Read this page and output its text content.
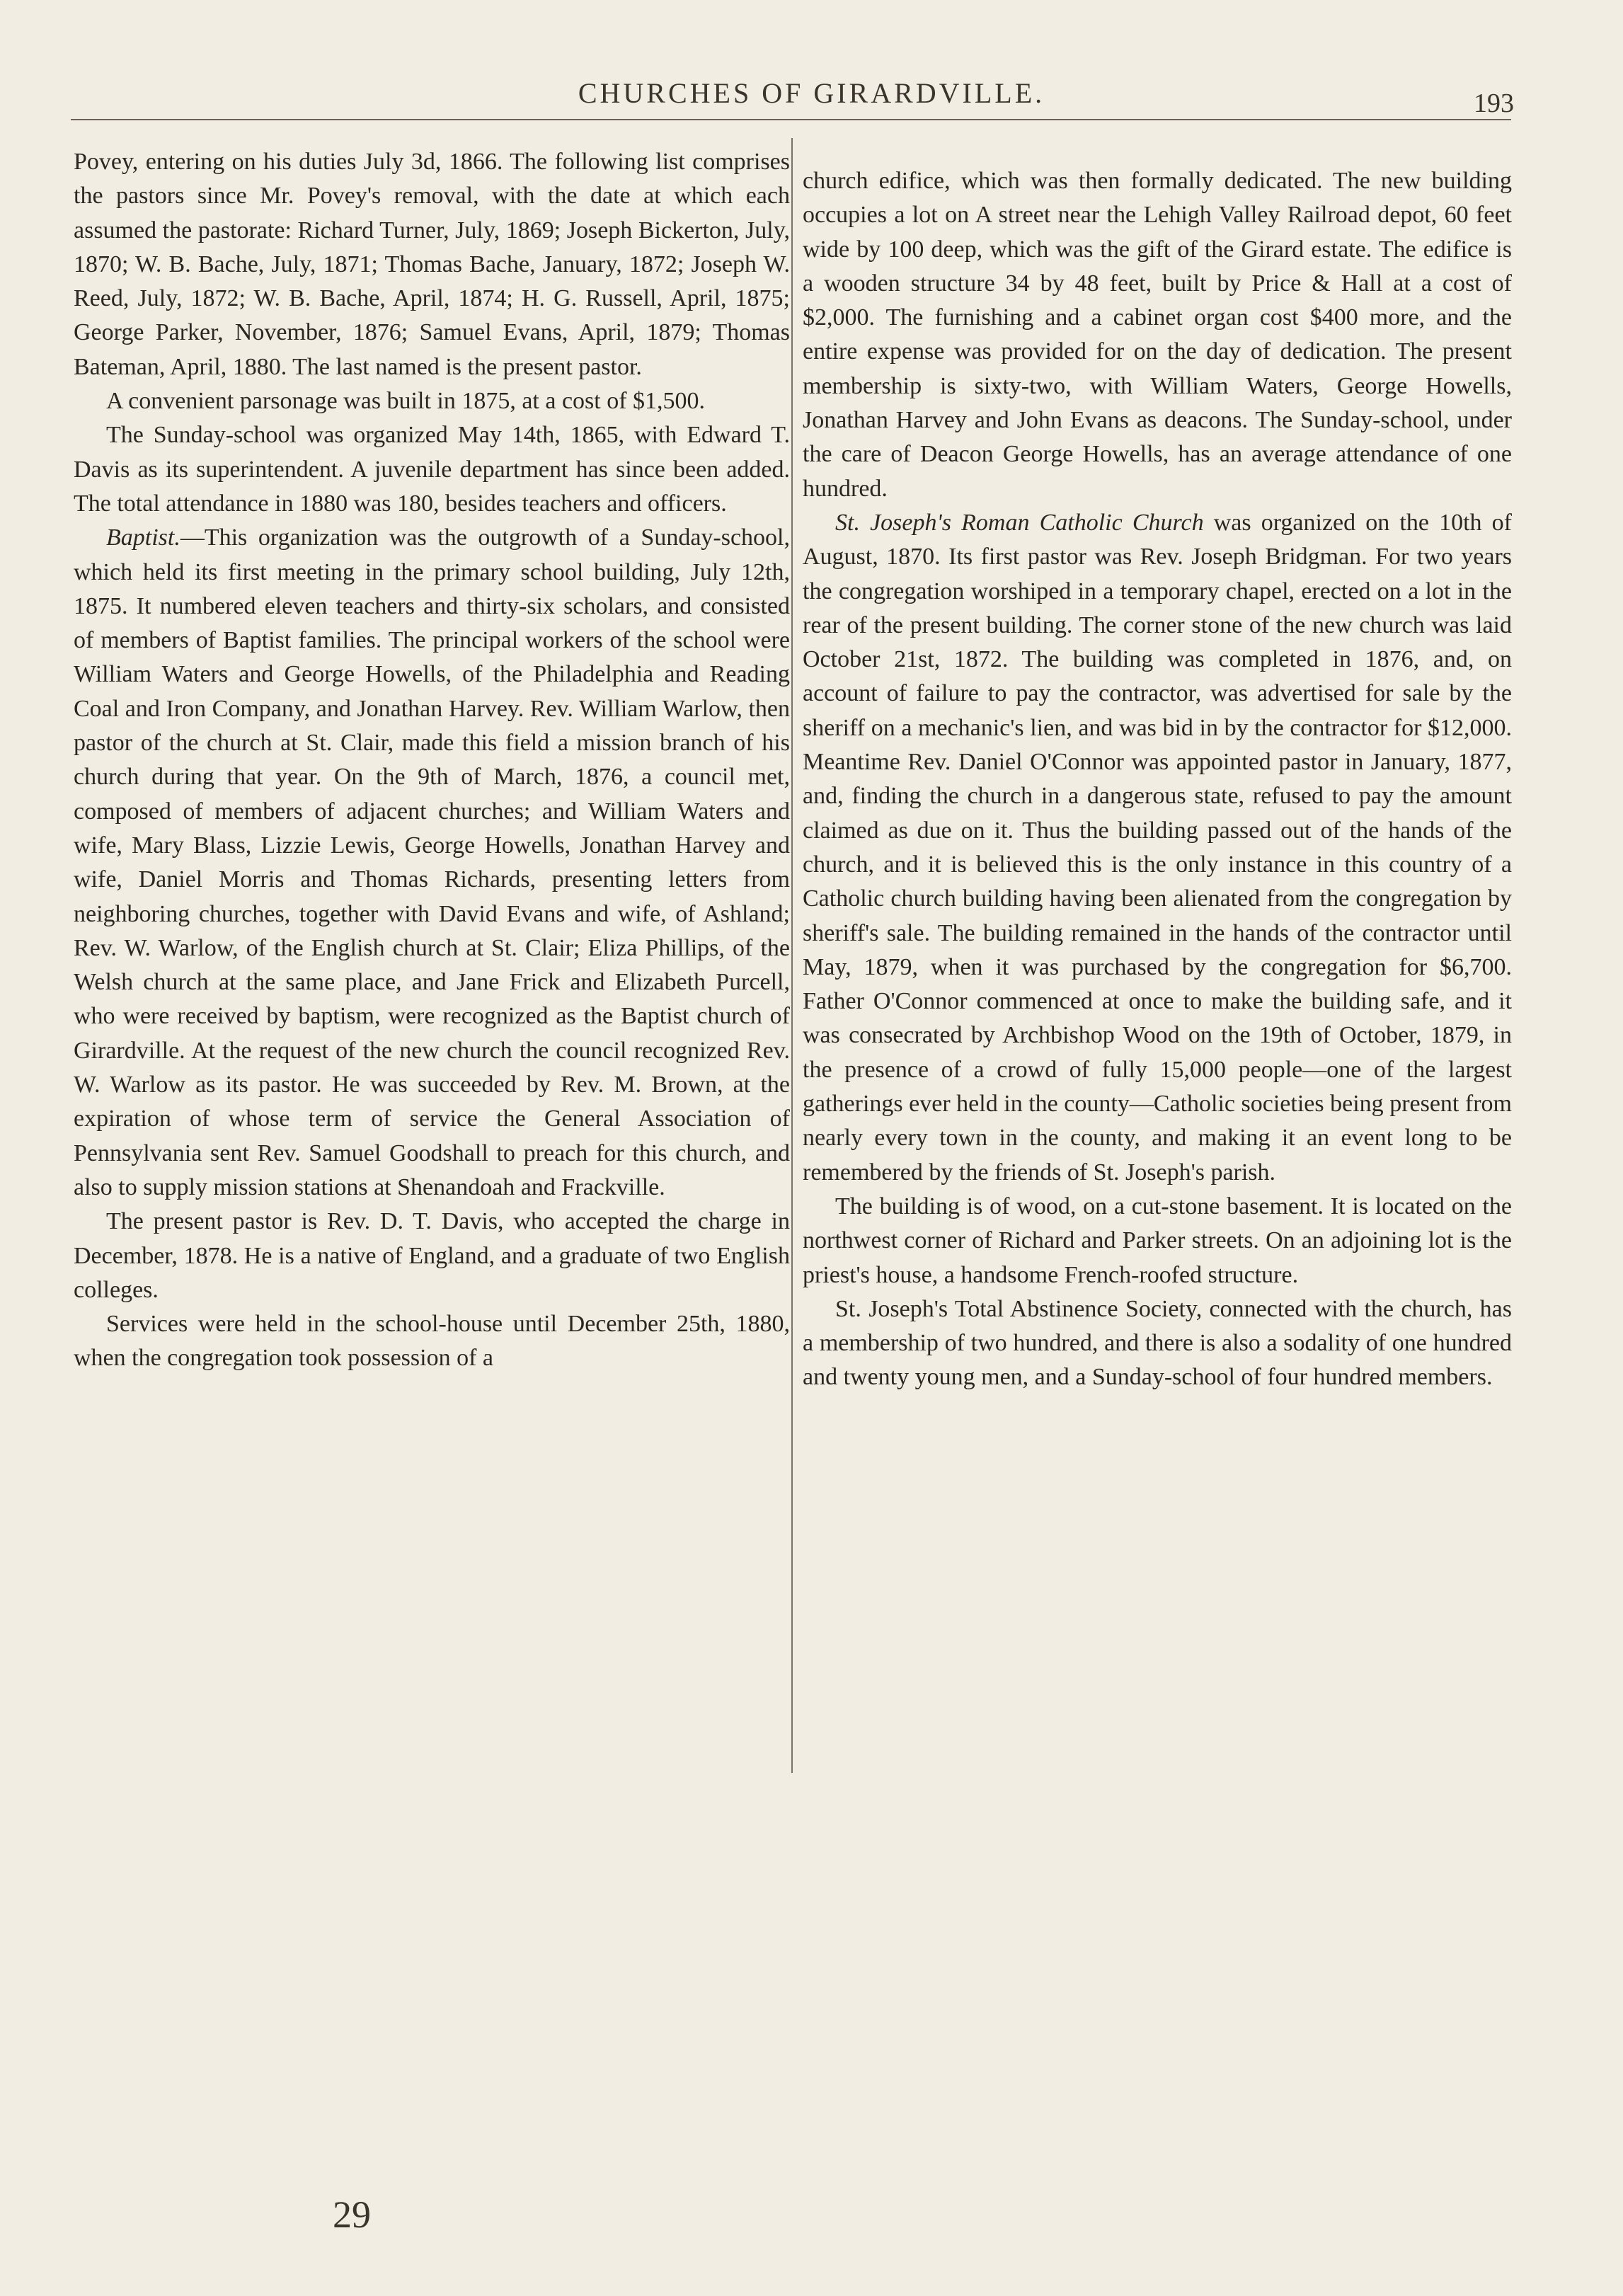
CHURCHES OF GIRARDVILLE.	193

Povey, entering on his duties July 3d, 1866. The following list comprises the pastors since Mr. Povey's removal, with the date at which each assumed the pastorate: Richard Turner, July, 1869; Joseph Bickerton, July, 1870; W. B. Bache, July, 1871; Thomas Bache, January, 1872; Joseph W. Reed, July, 1872; W. B. Bache, April, 1874; H. G. Russell, April, 1875; George Parker, November, 1876; Samuel Evans, April, 1879; Thomas Bateman, April, 1880. The last named is the present pastor.

A convenient parsonage was built in 1875, at a cost of $1,500.

The Sunday-school was organized May 14th, 1865, with Edward T. Davis as its superintendent. A juvenile department has since been added. The total attendance in 1880 was 180, besides teachers and officers.

Baptist.—This organization was the outgrowth of a Sunday-school, which held its first meeting in the primary school building, July 12th, 1875. It numbered eleven teachers and thirty-six scholars, and consisted of members of Baptist families. The principal workers of the school were William Waters and George Howells, of the Philadelphia and Reading Coal and Iron Company, and Jonathan Harvey. Rev. William Warlow, then pastor of the church at St. Clair, made this field a mission branch of his church during that year. On the 9th of March, 1876, a council met, composed of members of adjacent churches; and William Waters and wife, Mary Blass, Lizzie Lewis, George Howells, Jonathan Harvey and wife, Daniel Morris and Thomas Richards, presenting letters from neighboring churches, together with David Evans and wife, of Ashland; Rev. W. Warlow, of the English church at St. Clair; Eliza Phillips, of the Welsh church at the same place, and Jane Frick and Elizabeth Purcell, who were received by baptism, were recognized as the Baptist church of Girardville. At the request of the new church the council recognized Rev. W. Warlow as its pastor. He was succeeded by Rev. M. Brown, at the expiration of whose term of service the General Association of Pennsylvania sent Rev. Samuel Goodshall to preach for this church, and also to supply mission stations at Shenandoah and Frackville.

The present pastor is Rev. D. T. Davis, who accepted the charge in December, 1878. He is a native of England, and a graduate of two English colleges.

Services were held in the school-house until December 25th, 1880, when the congregation took possession of a

church edifice, which was then formally dedicated. The new building occupies a lot on A street near the Lehigh Valley Railroad depot, 60 feet wide by 100 deep, which was the gift of the Girard estate. The edifice is a wooden structure 34 by 48 feet, built by Price & Hall at a cost of $2,000. The furnishing and a cabinet organ cost $400 more, and the entire expense was provided for on the day of dedication. The present membership is sixty-two, with William Waters, George Howells, Jonathan Harvey and John Evans as deacons. The Sunday-school, under the care of Deacon George Howells, has an average attendance of one hundred.

St. Joseph's Roman Catholic Church was organized on the 10th of August, 1870. Its first pastor was Rev. Joseph Bridgman. For two years the congregation worshiped in a temporary chapel, erected on a lot in the rear of the present building. The corner stone of the new church was laid October 21st, 1872. The building was completed in 1876, and, on account of failure to pay the contractor, was advertised for sale by the sheriff on a mechanic's lien, and was bid in by the contractor for $12,000. Meantime Rev. Daniel O'Connor was appointed pastor in January, 1877, and, finding the church in a dangerous state, refused to pay the amount claimed as due on it. Thus the building passed out of the hands of the church, and it is believed this is the only instance in this country of a Catholic church building having been alienated from the congregation by sheriff's sale. The building remained in the hands of the contractor until May, 1879, when it was purchased by the congregation for $6,700. Father O'Connor commenced at once to make the building safe, and it was consecrated by Archbishop Wood on the 19th of October, 1879, in the presence of a crowd of fully 15,000 people—one of the largest gatherings ever held in the county—Catholic societies being present from nearly every town in the county, and making it an event long to be remembered by the friends of St. Joseph's parish.

The building is of wood, on a cut-stone basement. It is located on the northwest corner of Richard and Parker streets. On an adjoining lot is the priest's house, a handsome French-roofed structure.

St. Joseph's Total Abstinence Society, connected with the church, has a membership of two hundred, and there is also a sodality of one hundred and twenty young men, and a Sunday-school of four hundred members.

29
